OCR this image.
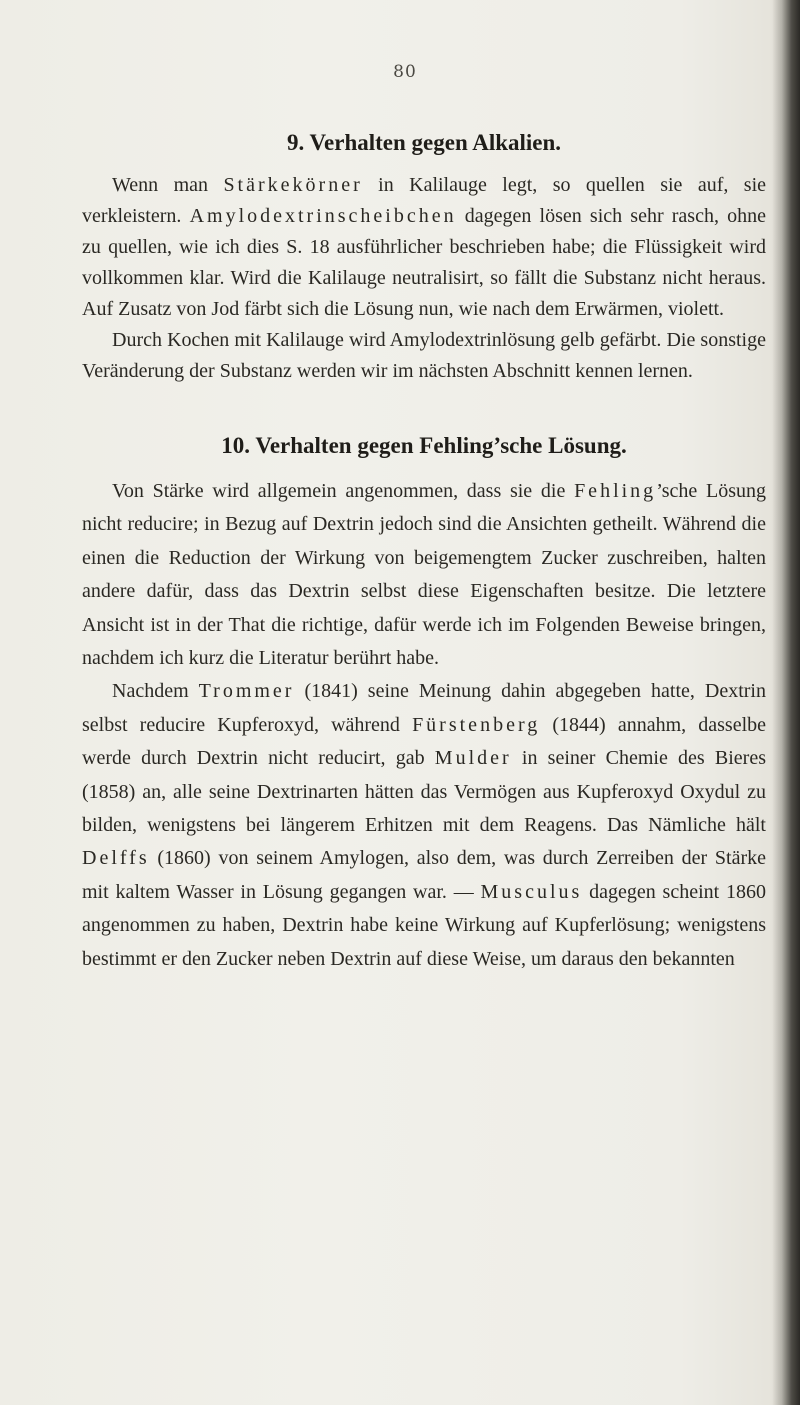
80
9. Verhalten gegen Alkalien.

Wenn man Stärkekörner in Kalilauge legt, so quellen sie auf, sie verkleistern. Amylodextrinscheibchen dagegen lösen sich sehr rasch, ohne zu quellen, wie ich dies S. 18 ausführlicher beschrieben habe; die Flüssigkeit wird vollkommen klar. Wird die Kalilauge neutralisirt, so fällt die Substanz nicht heraus. Auf Zusatz von Jod färbt sich die Lösung nun, wie nach dem Erwärmen, violett.

Durch Kochen mit Kalilauge wird Amylodextrinlösung gelb gefärbt. Die sonstige Veränderung der Substanz werden wir im nächsten Abschnitt kennen lernen.

10. Verhalten gegen Fehling’sche Lösung.

Von Stärke wird allgemein angenommen, dass sie die Fehling’sche Lösung nicht reducire; in Bezug auf Dextrin jedoch sind die Ansichten getheilt. Während die einen die Reduction der Wirkung von beigemengtem Zucker zuschreiben, halten andere dafür, dass das Dextrin selbst diese Eigenschaften besitze. Die letztere Ansicht ist in der That die richtige, dafür werde ich im Folgenden Beweise bringen, nachdem ich kurz die Literatur berührt habe.

Nachdem Trommer (1841) seine Meinung dahin abgegeben hatte, Dextrin selbst reducire Kupferoxyd, während Fürstenberg (1844) annahm, dasselbe werde durch Dextrin nicht reducirt, gab Mulder in seiner Chemie des Bieres (1858) an, alle seine Dextrinarten hätten das Vermögen aus Kupferoxyd Oxydul zu bilden, wenigstens bei längerem Erhitzen mit dem Reagens. Das Nämliche hält Delffs (1860) von seinem Amylogen, also dem, was durch Zerreiben der Stärke mit kaltem Wasser in Lösung gegangen war. — Musculus dagegen scheint 1860 angenommen zu haben, Dextrin habe keine Wirkung auf Kupferlösung; wenigstens bestimmt er den Zucker neben Dextrin auf diese Weise, um daraus den bekannten
